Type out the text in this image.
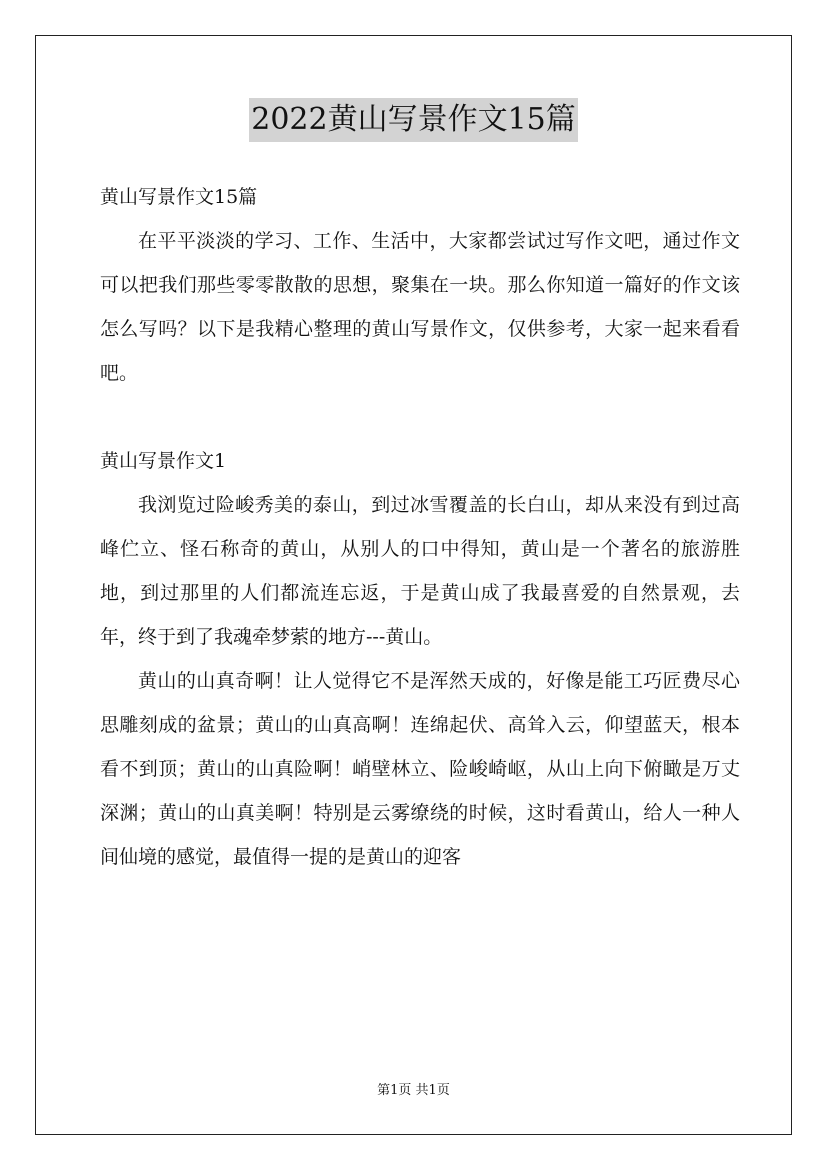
2022黄山写景作文15篇

黄山写景作文15篇

在平平淡淡的学习、工作、生活中，大家都尝试过写作文吧，通过作文可以把我们那些零零散散的思想，聚集在一块。那么你知道一篇好的作文该怎么写吗？以下是我精心整理的黄山写景作文，仅供参考，大家一起来看看吧。

黄山写景作文1

我浏览过险峻秀美的泰山，到过冰雪覆盖的长白山，却从来没有到过高峰伫立、怪石称奇的黄山，从别人的口中得知，黄山是一个著名的旅游胜地，到过那里的人们都流连忘返，于是黄山成了我最喜爱的自然景观，去年，终于到了我魂牵梦萦的地方---黄山。

黄山的山真奇啊！让人觉得它不是浑然天成的，好像是能工巧匠费尽心思雕刻成的盆景；黄山的山真高啊！连绵起伏、高耸入云，仰望蓝天，根本看不到顶；黄山的山真险啊！峭壁林立、险峻崎岖，从山上向下俯瞰是万丈深渊；黄山的山真美啊！特别是云雾缭绕的时候，这时看黄山，给人一种人间仙境的感觉，最值得一提的是黄山的迎客

第1页 共1页
